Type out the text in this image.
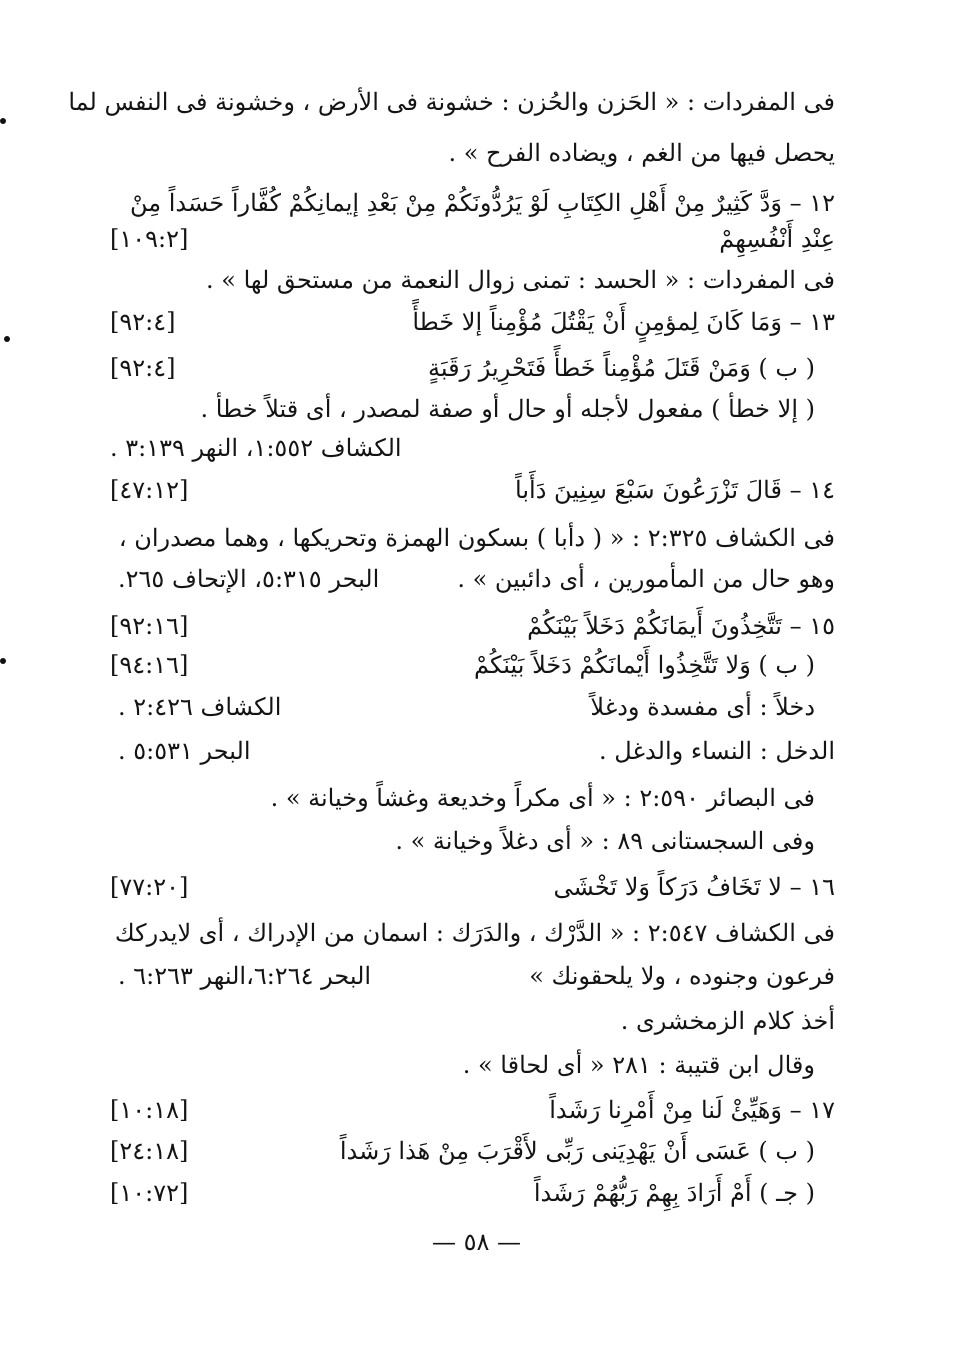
فى المفردات : « الحَزن والحُزن : خشونة فى الأرض ، وخشونة فى النفس لما
يحصل فيها من الغم ، ويضاده الفرح » .
١٢ – وَدَّ كَثِيرٌ مِنْ أَهْلِ الكِتَابِ لَوْ يَرُدُّونَكُمْ مِنْ بَعْدِ إيمانِكُمْ كُفَّاراً حَسَداً مِنْ
عِنْدِ أَنْفُسِهِمْ
[١٠٩:٢]
فى المفردات : « الحسد : تمنى زوال النعمة من مستحق لها » .
١٣ – وَمَا كَانَ لِمؤمِنٍ أَنْ يَقْتُلَ مُؤْمِناً إلا خَطأً
[٩٢:٤]
( ب ) وَمَنْ قَتَلَ مُؤْمِناً خَطأً فَتَحْرِيرُ رَقَبَةٍ
[٩٢:٤]
( إلا خطأ ) مفعول لأجله أو حال أو صفة لمصدر ، أى قتلاً خطأ .
الكشاف ١:٥٥٢، النهر ٣:١٣٩ .
١٤ – قَالَ تَزْرَعُونَ سَبْعَ سِنِينَ دَأَباً
[٤٧:١٢]
فى الكشاف ٢:٣٢٥ : « ( دأبا ) بسكون الهمزة وتحريكها ، وهما مصدران ،
وهو حال من المأمورين ، أى دائبين » .
البحر ٥:٣١٥، الإتحاف ٢٦٥.
١٥ – تَتَّخِذُونَ أَيمَانَكُمْ دَخَلاً بَيْنَكُمْ
[٩٢:١٦]
( ب ) وَلا تَتَّخِذُوا أَيْمانَكُمْ دَخَلاً بَيْنَكُمْ
[٩٤:١٦]
دخلاً : أى مفسدة ودغلاً
الكشاف ٢:٤٢٦ .
الدخل : النساء والدغل .
البحر ٥:٥٣١ .
فى البصائر ٢:٥٩٠ : « أى مكراً وخديعة وغشاً وخيانة » .
وفى السجستانى ٨٩ : « أى دغلاً وخيانة » .
١٦ – لا تَخَافُ دَرَكاً وَلا تَخْشَى
[٧٧:٢٠]
فى الكشاف ٢:٥٤٧ : « الدَّرْك ، والدَرَك : اسمان من الإدراك ، أى لايدركك
فرعون وجنوده ، ولا يلحقونك »
البحر ٦:٢٦٤،النهر ٦:٢٦٣ .
أخذ كلام الزمخشرى .
وقال ابن قتيبة : ٢٨١ « أى لحاقا » .
١٧ – وَهَيِّئْ لَنا مِنْ أَمْرِنا رَشَداً
[١٠:١٨]
( ب ) عَسَى أَنْ يَهْدِيَنى رَبِّى لأَقْرَبَ مِنْ هَذا رَشَداً
[٢٤:١٨]
( جـ ) أَمْ أَرَادَ بِهِمْ رَبُّهُمْ رَشَداً
[١٠:٧٢]
— ٥٨ —
